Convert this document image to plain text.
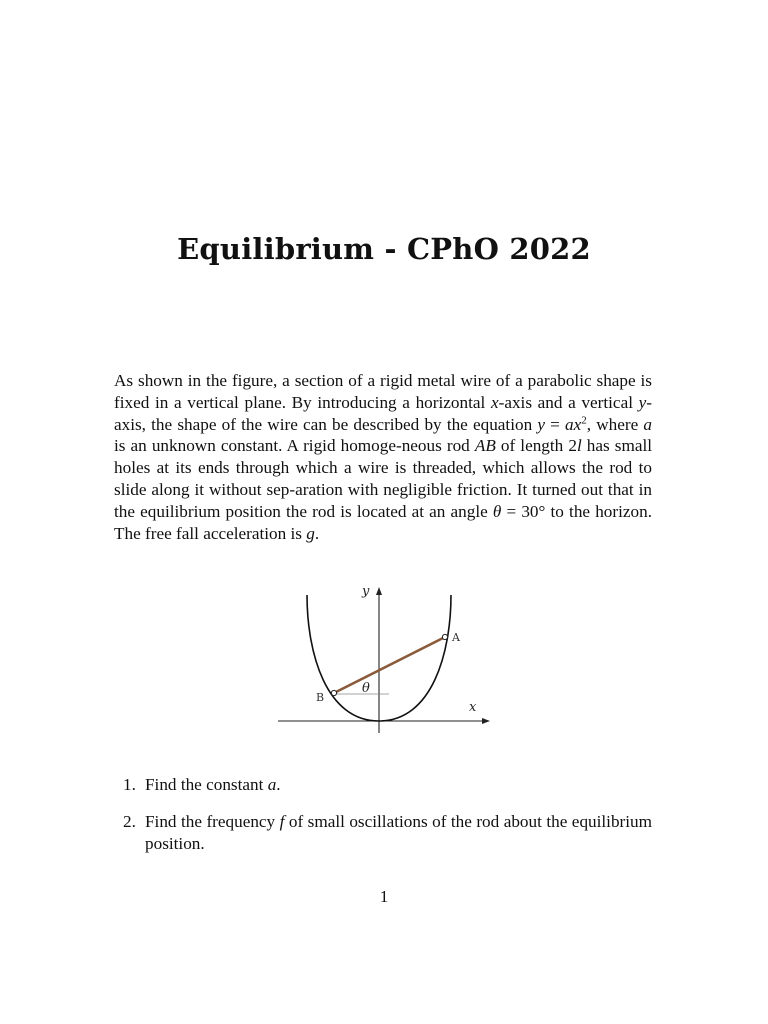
Equilibrium - CPhO 2022
As shown in the figure, a section of a rigid metal wire of a parabolic shape is fixed in a vertical plane. By introducing a horizontal x-axis and a vertical y-axis, the shape of the wire can be described by the equation $y = ax^2$, where a is an unknown constant. A rigid homoge-neous rod AB of length 2l has small holes at its ends through which a wire is threaded, which allows the rod to slide along it without sep-aration with negligible friction. It turned out that in the equilibrium position the rod is located at an angle θ = 30° to the horizon. The free fall acceleration is g.
y
x
A
B
θ
1. Find the constant a.
2. Find the frequency f of small oscillations of the rod about the equilibrium position.
1
